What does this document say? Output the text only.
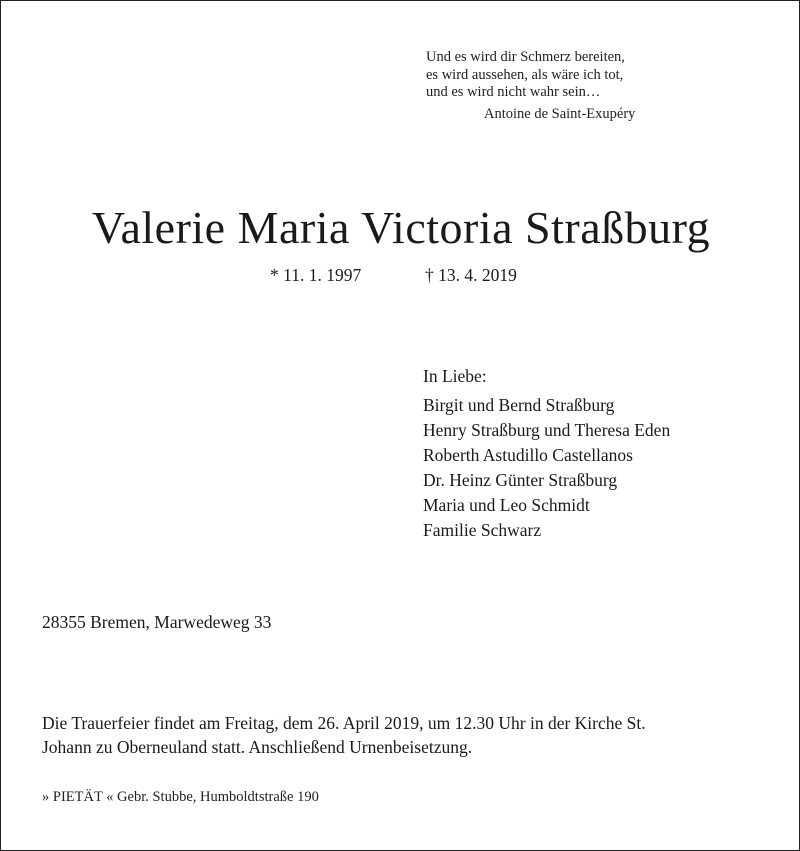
Und es wird dir Schmerz bereiten,
es wird aussehen, als wäre ich tot,
und es wird nicht wahr sein…
Antoine de Saint-Exupéry
Valerie Maria Victoria Straßburg
* 11. 1. 1997	† 13. 4. 2019
In Liebe:
Birgit und Bernd Straßburg
Henry Straßburg und Theresa Eden
Roberth Astudillo Castellanos
Dr. Heinz Günter Straßburg
Maria und Leo Schmidt
Familie Schwarz
28355 Bremen, Marwedeweg 33
Die Trauerfeier findet am Freitag, dem 26. April 2019, um 12.30 Uhr in der Kirche St.
Johann zu Oberneuland statt. Anschließend Urnenbeisetzung.
» PIETÄT « Gebr. Stubbe, Humboldtstraße 190
